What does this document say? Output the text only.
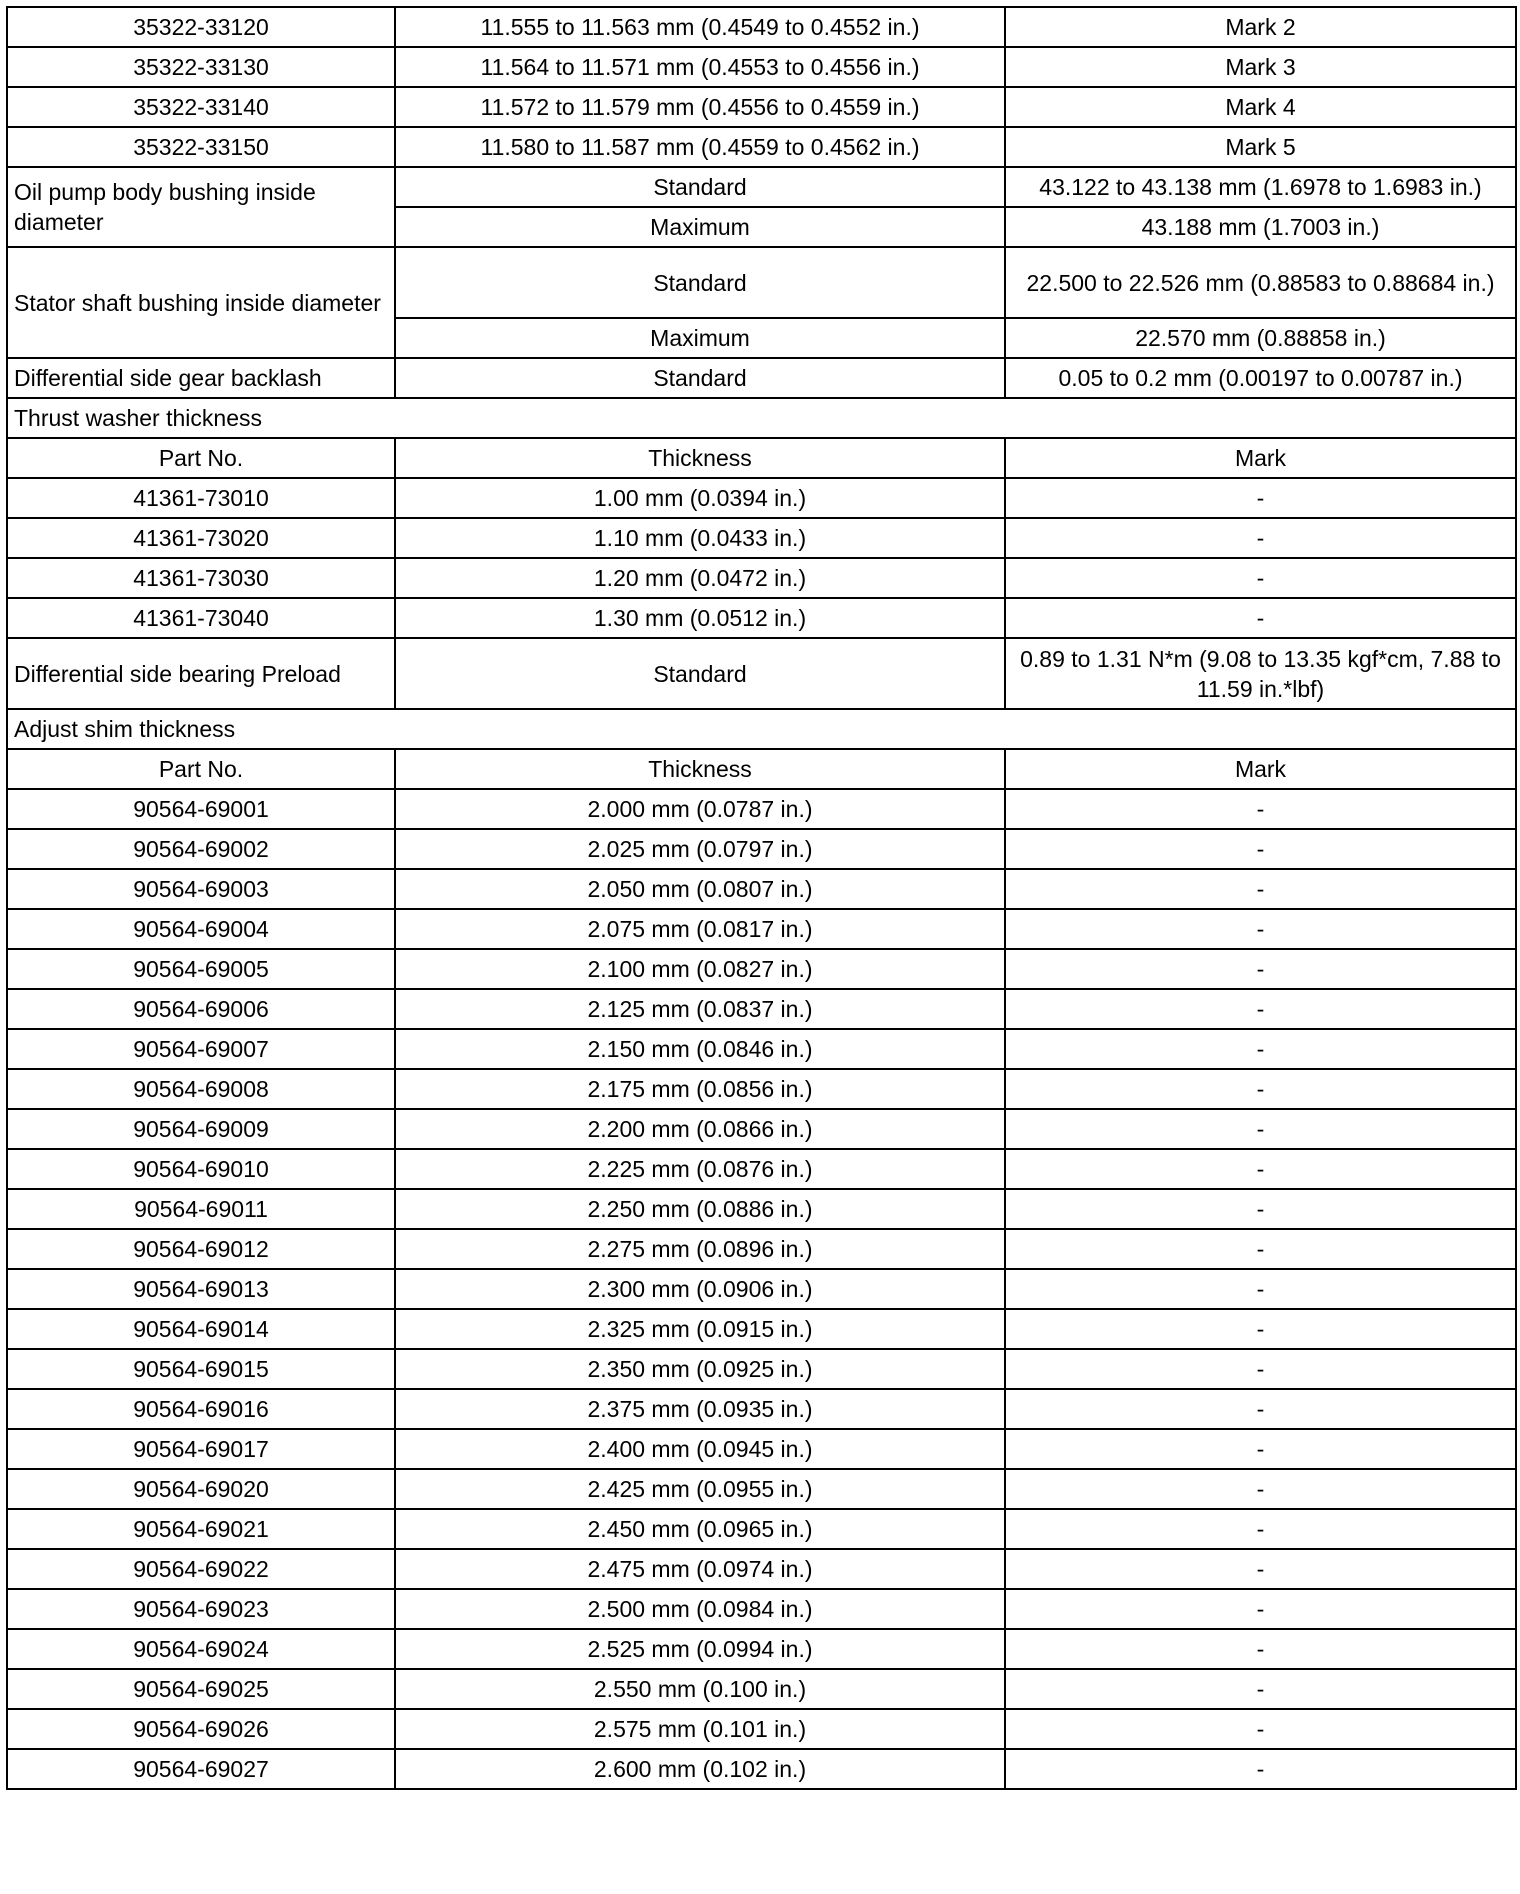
35322-33120	11.555 to 11.563 mm (0.4549 to 0.4552 in.)	Mark 2
35322-33130	11.564 to 11.571 mm (0.4553 to 0.4556 in.)	Mark 3
35322-33140	11.572 to 11.579 mm (0.4556 to 0.4559 in.)	Mark 4
35322-33150	11.580 to 11.587 mm (0.4559 to 0.4562 in.)	Mark 5
Oil pump body bushing inside diameter	Standard	43.122 to 43.138 mm (1.6978 to 1.6983 in.)
	Maximum	43.188 mm (1.7003 in.)
Stator shaft bushing inside diameter	Standard	22.500 to 22.526 mm (0.88583 to 0.88684 in.)
	Maximum	22.570 mm (0.88858 in.)
Differential side gear backlash	Standard	0.05 to 0.2 mm (0.00197 to 0.00787 in.)
Thrust washer thickness		
Part No.	Thickness	Mark
41361-73010	1.00 mm (0.0394 in.)	-
41361-73020	1.10 mm (0.0433 in.)	-
41361-73030	1.20 mm (0.0472 in.)	-
41361-73040	1.30 mm (0.0512 in.)	-
Differential side bearing Preload	Standard	0.89 to 1.31 N*m (9.08 to 13.35 kgf*cm, 7.88 to 11.59 in.*lbf)
Adjust shim thickness		
Part No.	Thickness	Mark
90564-69001	2.000 mm (0.0787 in.)	-
90564-69002	2.025 mm (0.0797 in.)	-
90564-69003	2.050 mm (0.0807 in.)	-
90564-69004	2.075 mm (0.0817 in.)	-
90564-69005	2.100 mm (0.0827 in.)	-
90564-69006	2.125 mm (0.0837 in.)	-
90564-69007	2.150 mm (0.0846 in.)	-
90564-69008	2.175 mm (0.0856 in.)	-
90564-69009	2.200 mm (0.0866 in.)	-
90564-69010	2.225 mm (0.0876 in.)	-
90564-69011	2.250 mm (0.0886 in.)	-
90564-69012	2.275 mm (0.0896 in.)	-
90564-69013	2.300 mm (0.0906 in.)	-
90564-69014	2.325 mm (0.0915 in.)	-
90564-69015	2.350 mm (0.0925 in.)	-
90564-69016	2.375 mm (0.0935 in.)	-
90564-69017	2.400 mm (0.0945 in.)	-
90564-69020	2.425 mm (0.0955 in.)	-
90564-69021	2.450 mm (0.0965 in.)	-
90564-69022	2.475 mm (0.0974 in.)	-
90564-69023	2.500 mm (0.0984 in.)	-
90564-69024	2.525 mm (0.0994 in.)	-
90564-69025	2.550 mm (0.100 in.)	-
90564-69026	2.575 mm (0.101 in.)	-
90564-69027	2.600 mm (0.102 in.)	-
